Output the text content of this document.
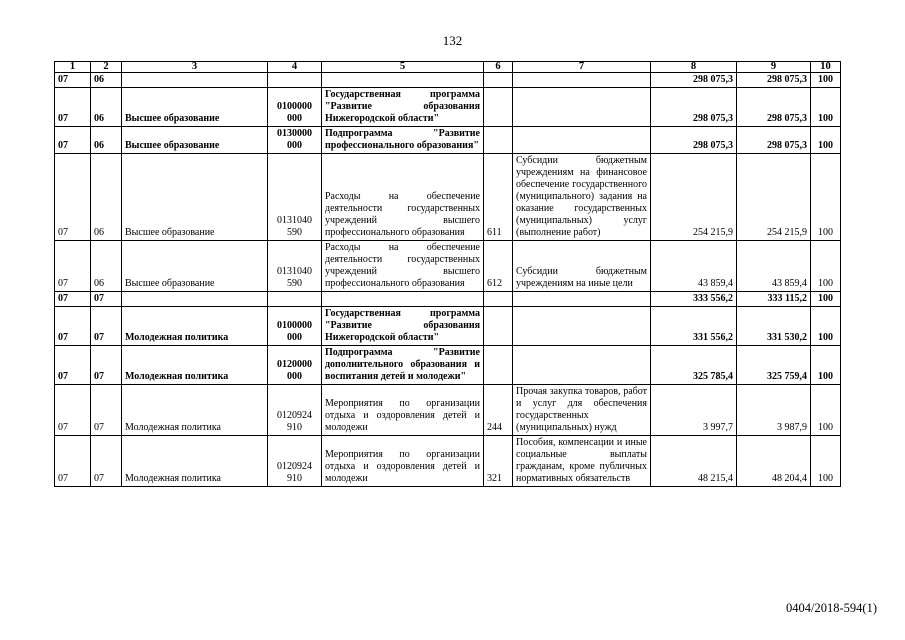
132
1	2	3	4	5	6	7	8	9	10
07	06						298 075,3	298 075,3	100
07	06	Высшее образование	0100000 000	Государственная программа "Развитие образования Нижегородской области"			298 075,3	298 075,3	100
07	06	Высшее образование	0130000 000	Подпрограмма "Развитие профессионального образования"			298 075,3	298 075,3	100
07	06	Высшее образование	0131040 590	Расходы на обеспечение деятельности государственных учреждений высшего профессионального образования	611	Субсидии бюджетным учреждениям на финансовое обеспечение государственного (муниципального) задания на оказание государственных (муниципальных) услуг (выполнение работ)	254 215,9	254 215,9	100
07	06	Высшее образование	0131040 590	Расходы на обеспечение деятельности государственных учреждений высшего профессионального образования	612	Субсидии бюджетным учреждениям на иные цели	43 859,4	43 859,4	100
07	07						333 556,2	333 115,2	100
07	07	Молодежная политика	0100000 000	Государственная программа "Развитие образования Нижегородской области"			331 556,2	331 530,2	100
07	07	Молодежная политика	0120000 000	Подпрограмма "Развитие дополнительного образования и воспитания детей и молодежи"			325 785,4	325 759,4	100
07	07	Молодежная политика	0120924 910	Мероприятия по организации отдыха и оздоровления детей и молодежи	244	Прочая закупка товаров, работ и услуг для обеспечения государственных (муниципальных) нужд	3 997,7	3 987,9	100
07	07	Молодежная политика	0120924 910	Мероприятия по организации отдыха и оздоровления детей и молодежи	321	Пособия, компенсации и иные социальные выплаты гражданам, кроме публичных нормативных обязательств	48 215,4	48 204,4	100
0404/2018-594(1)
